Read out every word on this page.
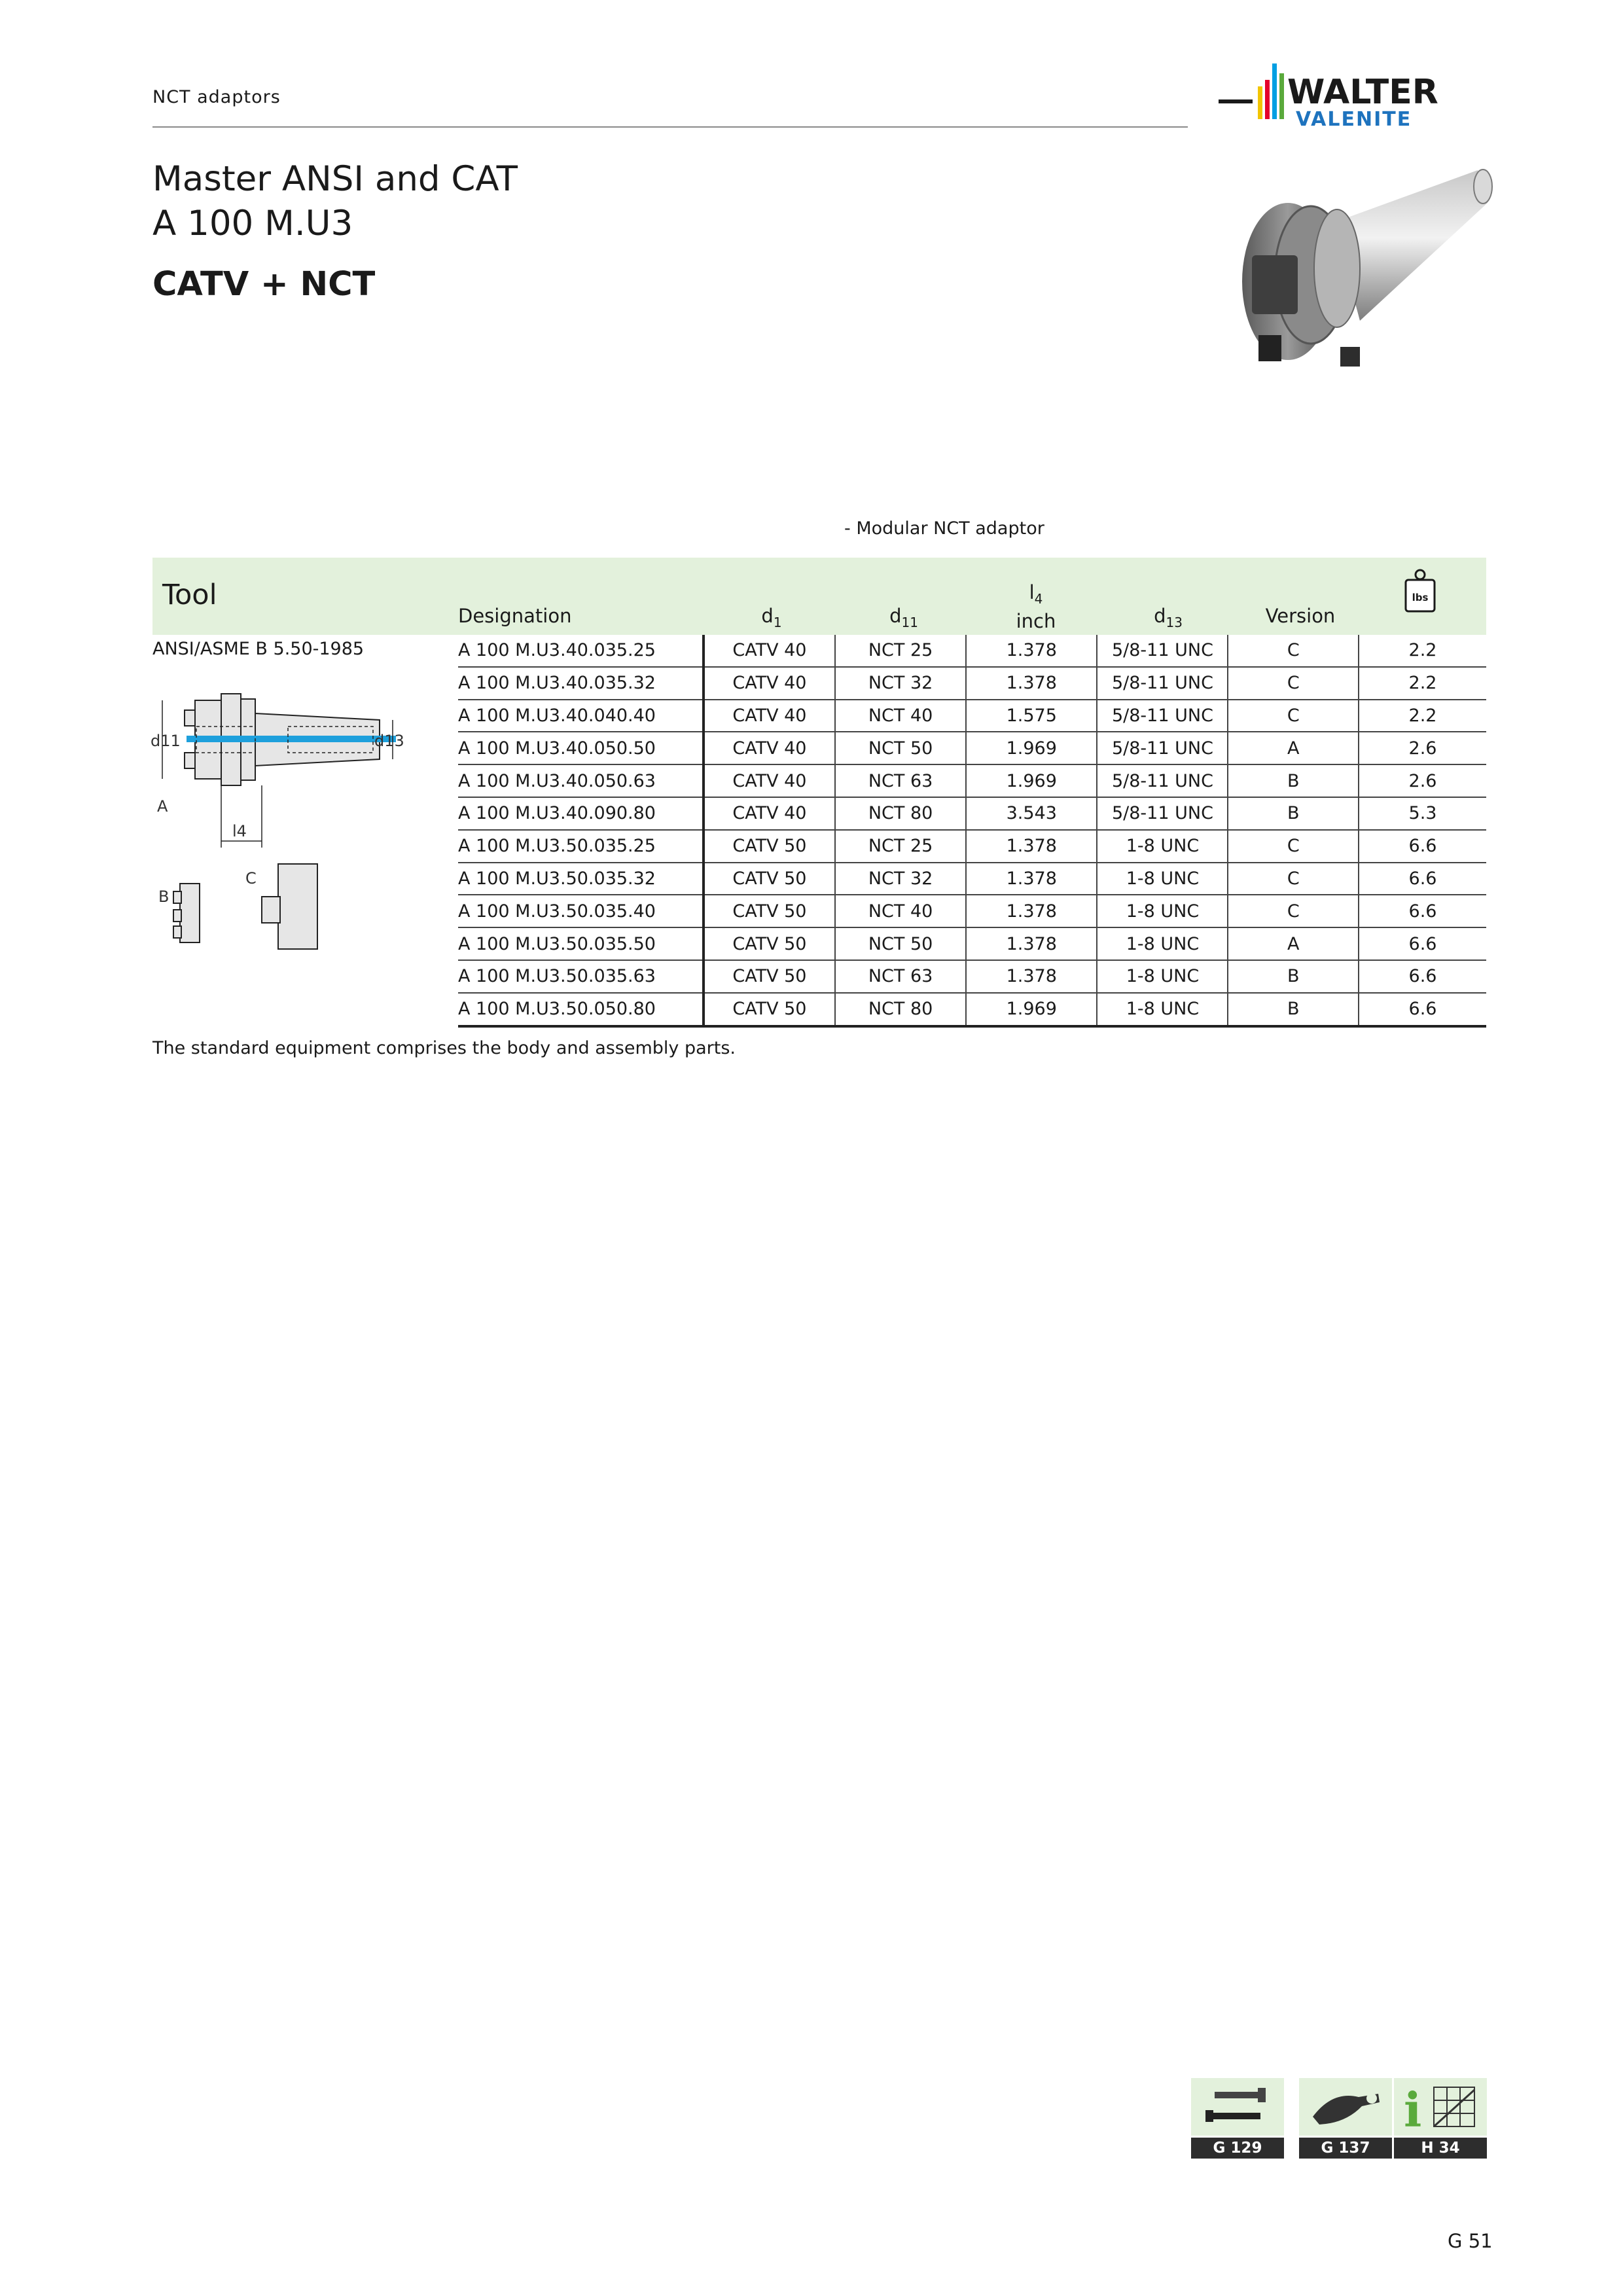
NCT adaptors	WALTER
VALENITE
Master ANSI and CAT
A 100 M.U3
CATV + NCT
- Modular NCT adaptor
Tool
Designation	$d_1$	$d_{11}$
$l_4$
inch	$d_{13}$	Version
lbs
ANSI/ASME B 5.50-1985
d11	d13
A
l4
B
C
A 100 M.U3.40.035.25	CATV 40	NCT 25	1.378	5/8-11 UNC	C	2.2
A 100 M.U3.40.035.32	CATV 40	NCT 32	1.378	5/8-11 UNC	C	2.2
A 100 M.U3.40.040.40	CATV 40	NCT 40	1.575	5/8-11 UNC	C	2.2
A 100 M.U3.40.050.50	CATV 40	NCT 50	1.969	5/8-11 UNC	A	2.6
A 100 M.U3.40.050.63	CATV 40	NCT 63	1.969	5/8-11 UNC	B	2.6
A 100 M.U3.40.090.80	CATV 40	NCT 80	3.543	5/8-11 UNC	B	5.3
A 100 M.U3.50.035.25	CATV 50	NCT 25	1.378	1-8 UNC	C	6.6
A 100 M.U3.50.035.32	CATV 50	NCT 32	1.378	1-8 UNC	C	6.6
A 100 M.U3.50.035.40	CATV 50	NCT 40	1.378	1-8 UNC	C	6.6
A 100 M.U3.50.035.50	CATV 50	NCT 50	1.378	1-8 UNC	A	6.6
A 100 M.U3.50.035.63	CATV 50	NCT 63	1.378	1-8 UNC	B	6.6
A 100 M.U3.50.050.80	CATV 50	NCT 80	1.969	1-8 UNC	B	6.6
The standard equipment comprises the body and assembly parts.
G 129	G 137
i
H 34
G 51
